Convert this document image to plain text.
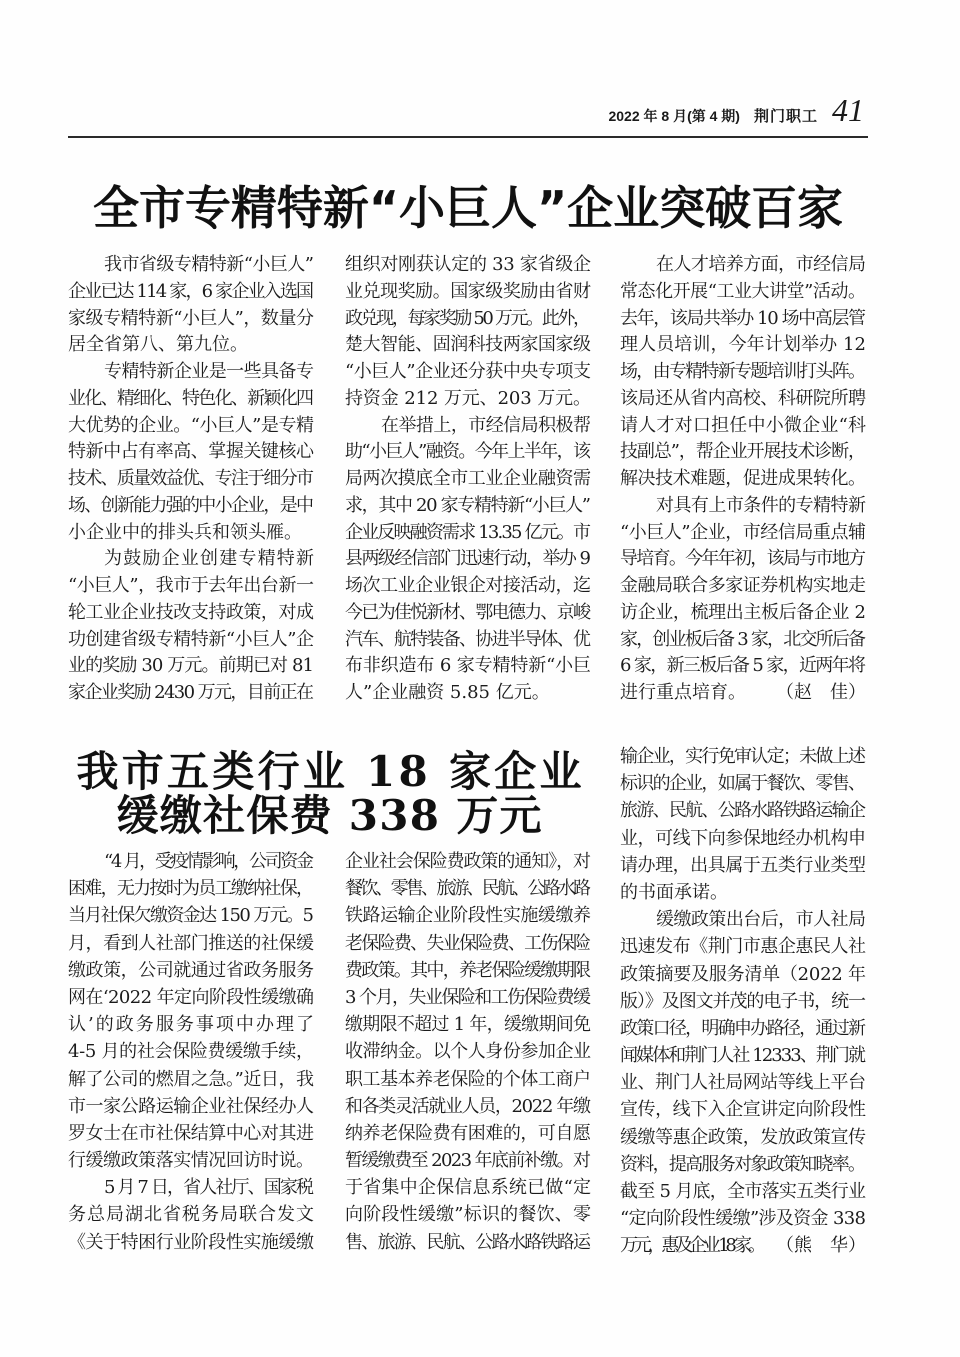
2022 年 8 月(第 4 期) 荆门职工 41
全市专精特新“小巨人”企业突破百家
我市省级专精特新“小巨人”
企业已达 114 家，6 家企业入选国
家级专精特新“小巨人”，数量分
居全省第八、第九位。
专精特新企业是一些具备专
业化、精细化、特色化、新颖化四
大优势的企业。“小巨人”是专精
特新中占有率高、掌握关键核心
技术、质量效益优、专注于细分市
场、创新能力强的中小企业，是中
小企业中的排头兵和领头雁。
为鼓励企业创建专精特新
“小巨人”，我市于去年出台新一
轮工业企业技改支持政策，对成
功创建省级专精特新“小巨人”企
业的奖励 30 万元。前期已对 81
家企业奖励 2430 万元，目前正在
组织对刚获认定的 33 家省级企
业兑现奖励。国家级奖励由省财
政兑现，每家奖励 50 万元。此外，
楚大智能、固润科技两家国家级
“小巨人”企业还分获中央专项支
持资金 212 万元、203 万元。
在举措上，市经信局积极帮
助“小巨人”融资。今年上半年，该
局两次摸底全市工业企业融资需
求，其中 20 家专精特新“小巨人”
企业反映融资需求 13.35 亿元。市
县两级经信部门迅速行动，举办 9
场次工业企业银企对接活动，迄
今已为佳悦新材、鄂电德力、京峻
汽车、航特装备、协进半导体、优
布非织造布 6 家专精特新“小巨
人”企业融资 5.85 亿元。
在人才培养方面，市经信局
常态化开展“工业大讲堂”活动。
去年，该局共举办 10 场中高层管
理人员培训，今年计划举办 12
场，由专精特新专题培训打头阵。
该局还从省内高校、科研院所聘
请人才对口担任中小微企业“科
技副总”，帮企业开展技术诊断，
解决技术难题，促进成果转化。
对具有上市条件的专精特新
“小巨人”企业，市经信局重点辅
导培育。今年年初，该局与市地方
金融局联合多家证券机构实地走
访企业，梳理出主板后备企业 2
家，创业板后备 3 家，北交所后备
6 家，新三板后备 5 家，近两年将
进行重点培育。 （赵　佳）
我市五类行业 18 家企业
缓缴社保费 338 万元
“4 月，受疫情影响，公司资金
困难，无力按时为员工缴纳社保，
当月社保欠缴资金达 150 万元。5
月，看到人社部门推送的社保缓
缴政策，公司就通过省政务服务
网在‘2022 年定向阶段性缓缴确
认’的政务服务事项中办理了
4-5 月的社会保险费缓缴手续，
解了公司的燃眉之急。”近日，我
市一家公路运输企业社保经办人
罗女士在市社保结算中心对其进
行缓缴政策落实情况回访时说。
5 月 7 日，省人社厅、国家税
务总局湖北省税务局联合发文
《关于特困行业阶段性实施缓缴
企业社会保险费政策的通知》，对
餐饮、零售、旅游、民航、公路水路
铁路运输企业阶段性实施缓缴养
老保险费、失业保险费、工伤保险
费政策。其中，养老保险缓缴期限
3 个月，失业保险和工伤保险费缓
缴期限不超过 1 年，缓缴期间免
收滞纳金。以个人身份参加企业
职工基本养老保险的个体工商户
和各类灵活就业人员，2022 年缴
纳养老保险费有困难的，可自愿
暂缓缴费至 2023 年底前补缴。对
于省集中企保信息系统已做“定
向阶段性缓缴”标识的餐饮、零
售、旅游、民航、公路水路铁路运
输企业，实行免审认定；未做上述
标识的企业，如属于餐饮、零售、
旅游、民航、公路水路铁路运输企
业，可线下向参保地经办机构申
请办理，出具属于五类行业类型
的书面承诺。
缓缴政策出台后，市人社局
迅速发布《荆门市惠企惠民人社
政策摘要及服务清单（2022 年
版）》及图文并茂的电子书，统一
政策口径，明确申办路径，通过新
闻媒体和荆门人社 12333、荆门就
业、荆门人社局网站等线上平台
宣传，线下入企宣讲定向阶段性
缓缴等惠企政策，发放政策宣传
资料，提高服务对象政策知晓率。
截至 5 月底，全市落实五类行业
“定向阶段性缓缴”涉及资金 338
万元，惠及企业 18 家。 （熊　华）
